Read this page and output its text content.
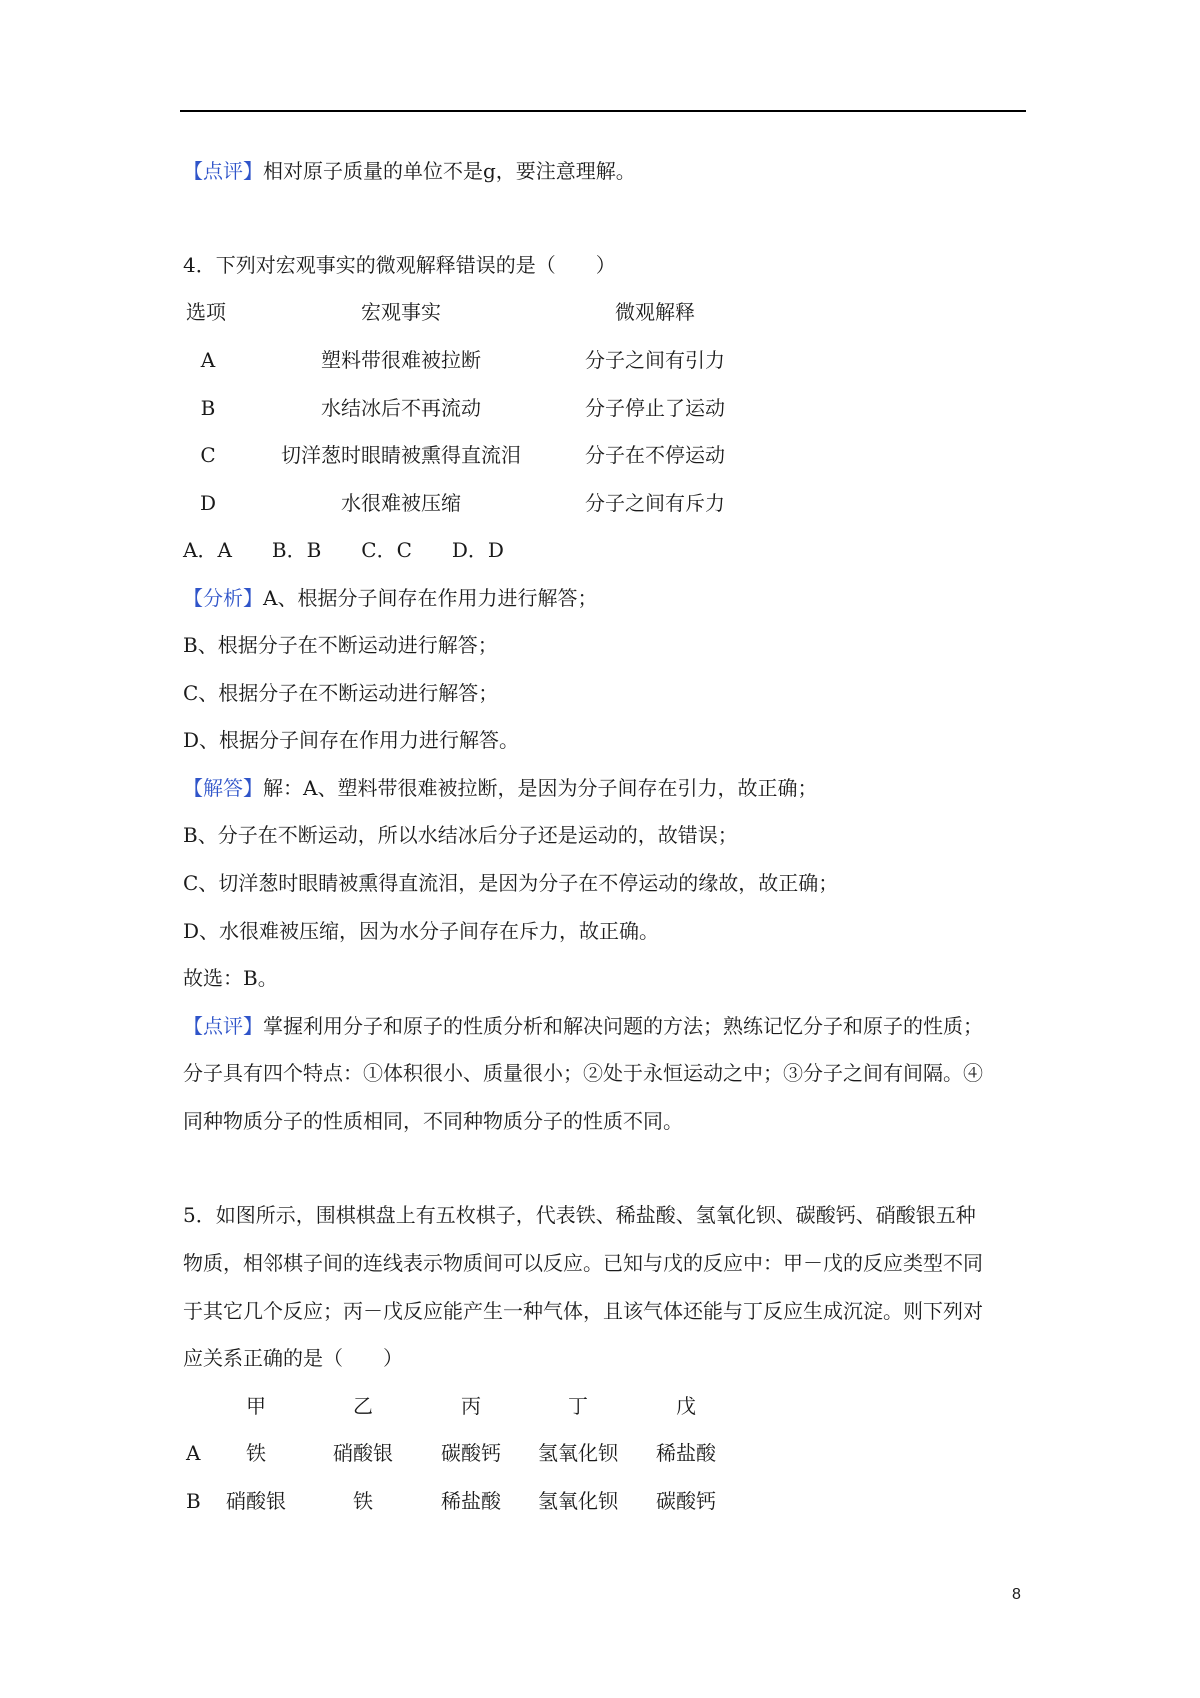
【点评】相对原子质量的单位不是g，要注意理解。
4．下列对宏观事实的微观解释错误的是（　　）
选项	宏观事实	微观解释
A	塑料带很难被拉断	分子之间有引力
B	水结冰后不再流动	分子停止了运动
C	切洋葱时眼睛被熏得直流泪	分子在不停运动
D	水很难被压缩	分子之间有斥力
A．A　　B．B　　C．C　　D．D
【分析】A、根据分子间存在作用力进行解答；
B、根据分子在不断运动进行解答；
C、根据分子在不断运动进行解答；
D、根据分子间存在作用力进行解答。
【解答】解：A、塑料带很难被拉断，是因为分子间存在引力，故正确；
B、分子在不断运动，所以水结冰后分子还是运动的，故错误；
C、切洋葱时眼睛被熏得直流泪，是因为分子在不停运动的缘故，故正确；
D、水很难被压缩，因为水分子间存在斥力，故正确。
故选：B。
【点评】掌握利用分子和原子的性质分析和解决问题的方法；熟练记忆分子和原子的性质；
分子具有四个特点：①体积很小、质量很小；②处于永恒运动之中；③分子之间有间隔。④
同种物质分子的性质相同，不同种物质分子的性质不同。
5．如图所示，围棋棋盘上有五枚棋子，代表铁、稀盐酸、氢氧化钡、碳酸钙、硝酸银五种
物质，相邻棋子间的连线表示物质间可以反应。已知与戊的反应中：甲－戊的反应类型不同
于其它几个反应；丙－戊反应能产生一种气体，且该气体还能与丁反应生成沉淀。则下列对
应关系正确的是（　　）
甲	乙	丙	丁	戊
A 铁	硝酸银 碳酸钙 氢氧化钡 稀盐酸
B 硝酸银	铁	稀盐酸 氢氧化钡 碳酸钙
8
